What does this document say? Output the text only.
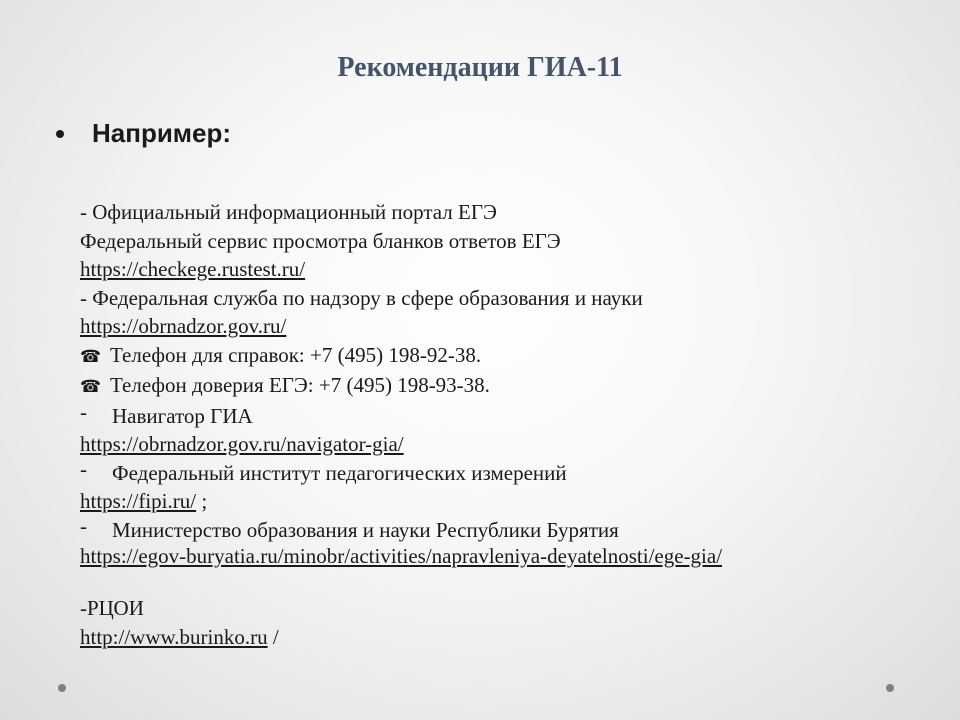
Рекомендации ГИА-11
Например:
- Официальный информационный портал ЕГЭ
Федеральный сервис просмотра бланков ответов ЕГЭ
https://checkege.rustest.ru/
- Федеральная служба по надзору в сфере образования и науки
https://obrnadzor.gov.ru/
☎ Телефон для справок: +7 (495) 198-92-38.
☎ Телефон доверия ЕГЭ: +7 (495) 198-93-38.
- Навигатор ГИА
https://obrnadzor.gov.ru/navigator-gia/
- Федеральный институт педагогических измерений
https://fipi.ru/ ;
- Министерство образования и науки Республики Бурятия
https://egov-buryatia.ru/minobr/activities/napravleniya-deyatelnosti/ege-gia/
-РЦОИ
http://www.burinko.ru /
